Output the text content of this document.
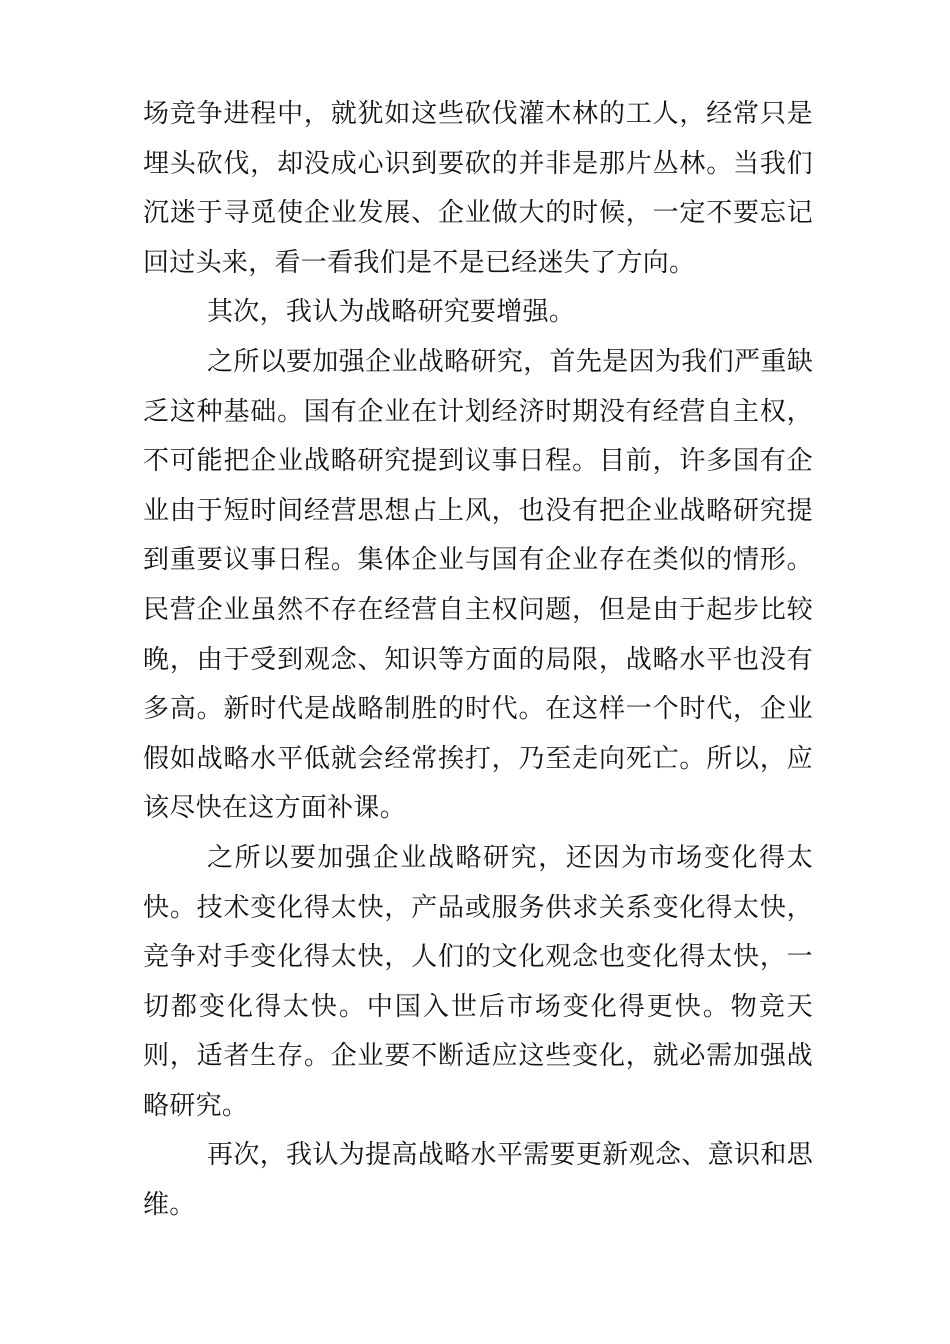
场竞争进程中，就犹如这些砍伐灌木林的工人，经常只是埋头砍伐，却没成心识到要砍的并非是那片丛林。当我们沉迷于寻觅使企业发展、企业做大的时候，一定不要忘记回过头来，看一看我们是不是已经迷失了方向。

其次，我认为战略研究要增强。

之所以要加强企业战略研究，首先是因为我们严重缺乏这种基础。国有企业在计划经济时期没有经营自主权，不可能把企业战略研究提到议事日程。目前，许多国有企业由于短时间经营思想占上风，也没有把企业战略研究提到重要议事日程。集体企业与国有企业存在类似的情形。民营企业虽然不存在经营自主权问题，但是由于起步比较晚，由于受到观念、知识等方面的局限，战略水平也没有多高。新时代是战略制胜的时代。在这样一个时代，企业假如战略水平低就会经常挨打，乃至走向死亡。所以，应该尽快在这方面补课。

之所以要加强企业战略研究，还因为市场变化得太快。技术变化得太快，产品或服务供求关系变化得太快，竞争对手变化得太快，人们的文化观念也变化得太快，一切都变化得太快。中国入世后市场变化得更快。物竞天则，适者生存。企业要不断适应这些变化，就必需加强战略研究。

再次，我认为提高战略水平需要更新观念、意识和思维。
